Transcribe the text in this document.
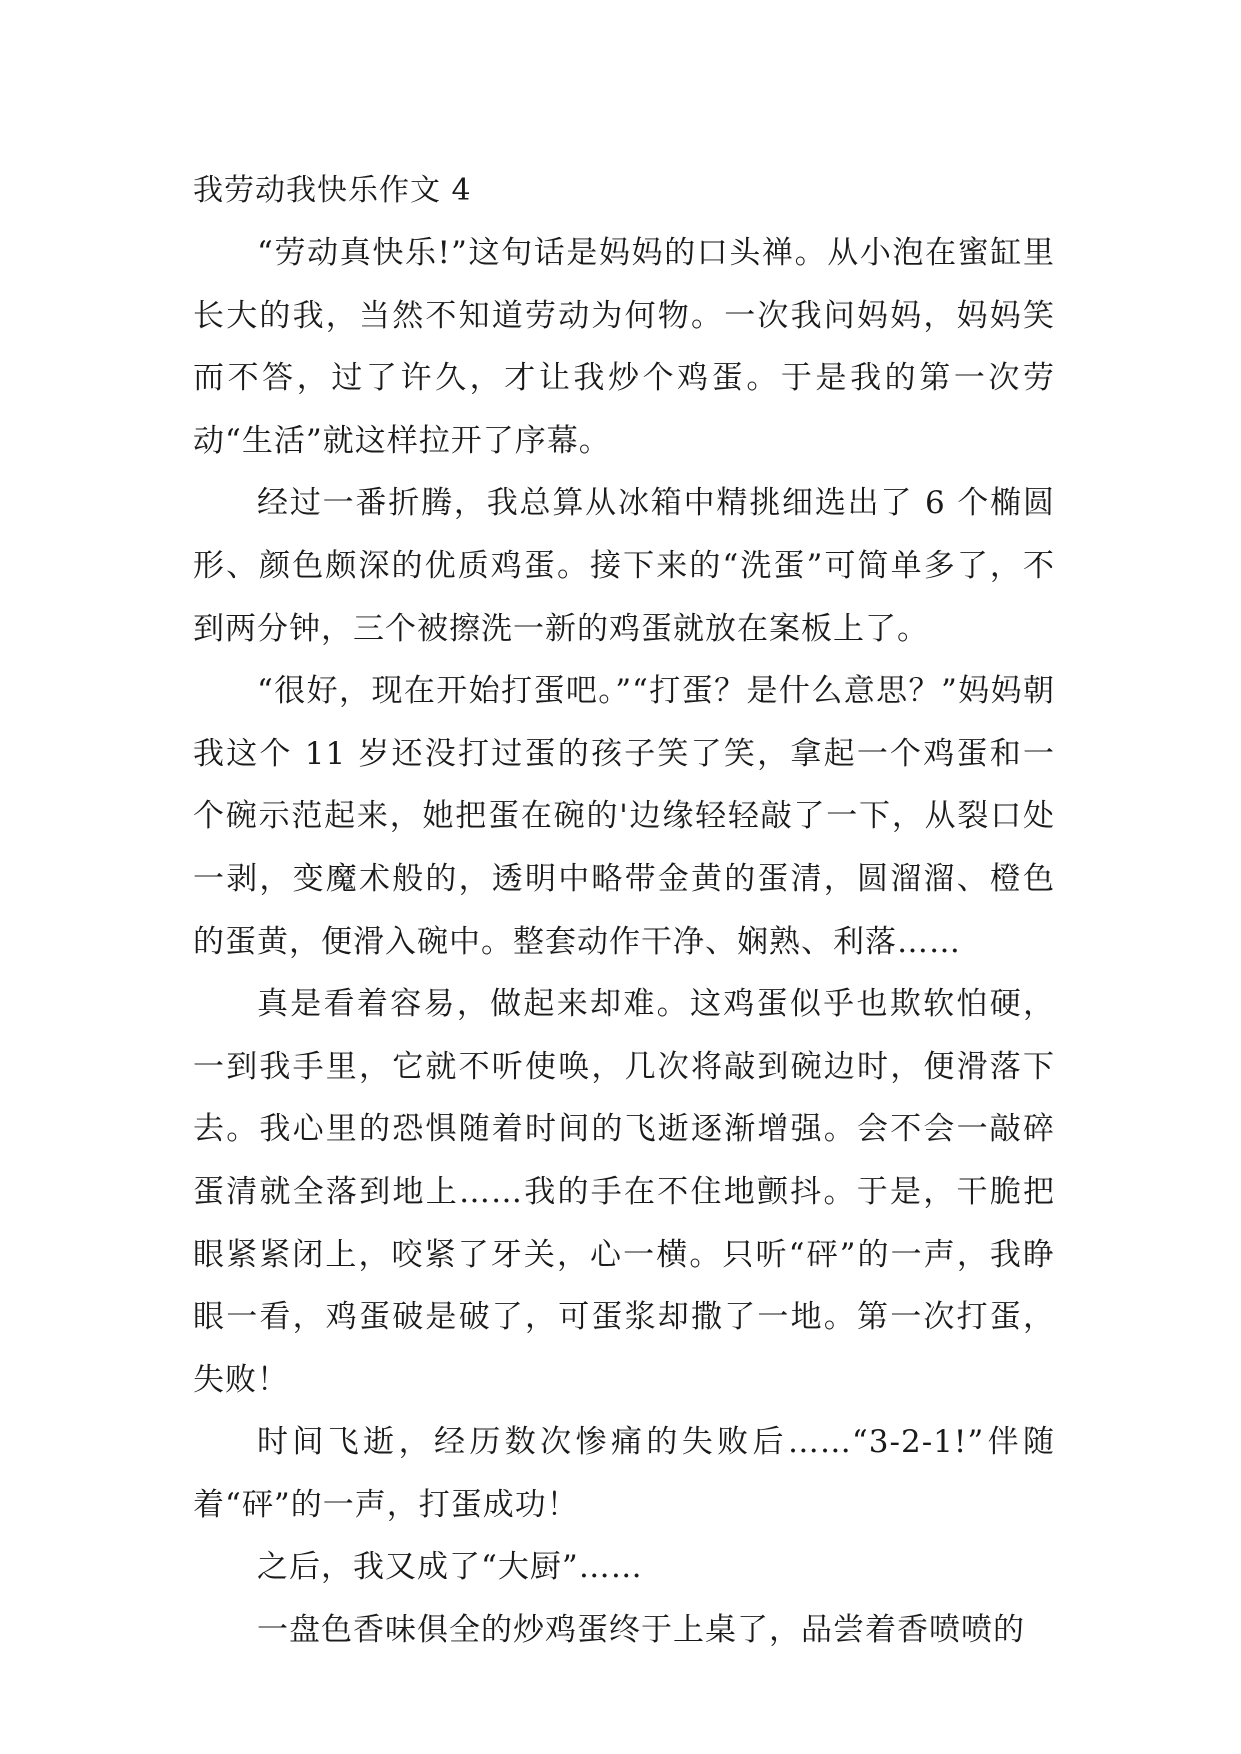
我劳动我快乐作文 4

“劳动真快乐!”这句话是妈妈的口头禅。从小泡在蜜缸里长大的我，当然不知道劳动为何物。一次我问妈妈，妈妈笑而不答，过了许久，才让我炒个鸡蛋。于是我的第一次劳动“生活”就这样拉开了序幕。

经过一番折腾，我总算从冰箱中精挑细选出了 6 个椭圆形、颜色颇深的优质鸡蛋。接下来的“洗蛋”可简单多了，不到两分钟，三个被擦洗一新的鸡蛋就放在案板上了。

“很好，现在开始打蛋吧。”“打蛋？是什么意思？”妈妈朝我这个 11 岁还没打过蛋的孩子笑了笑，拿起一个鸡蛋和一个碗示范起来，她把蛋在碗的'边缘轻轻敲了一下，从裂口处一剥，变魔术般的，透明中略带金黄的蛋清，圆溜溜、橙色的蛋黄，便滑入碗中。整套动作干净、娴熟、利落……

真是看着容易，做起来却难。这鸡蛋似乎也欺软怕硬，一到我手里，它就不听使唤，几次将敲到碗边时，便滑落下去。我心里的恐惧随着时间的飞逝逐渐增强。会不会一敲碎蛋清就全落到地上……我的手在不住地颤抖。于是，干脆把眼紧紧闭上，咬紧了牙关，心一横。只听“砰”的一声，我睁眼一看，鸡蛋破是破了，可蛋浆却撒了一地。第一次打蛋，失败！

时间飞逝，经历数次惨痛的失败后……“3-2-1!”伴随着“砰”的一声，打蛋成功！

之后，我又成了“大厨”……

一盘色香味俱全的炒鸡蛋终于上桌了，品尝着香喷喷的
